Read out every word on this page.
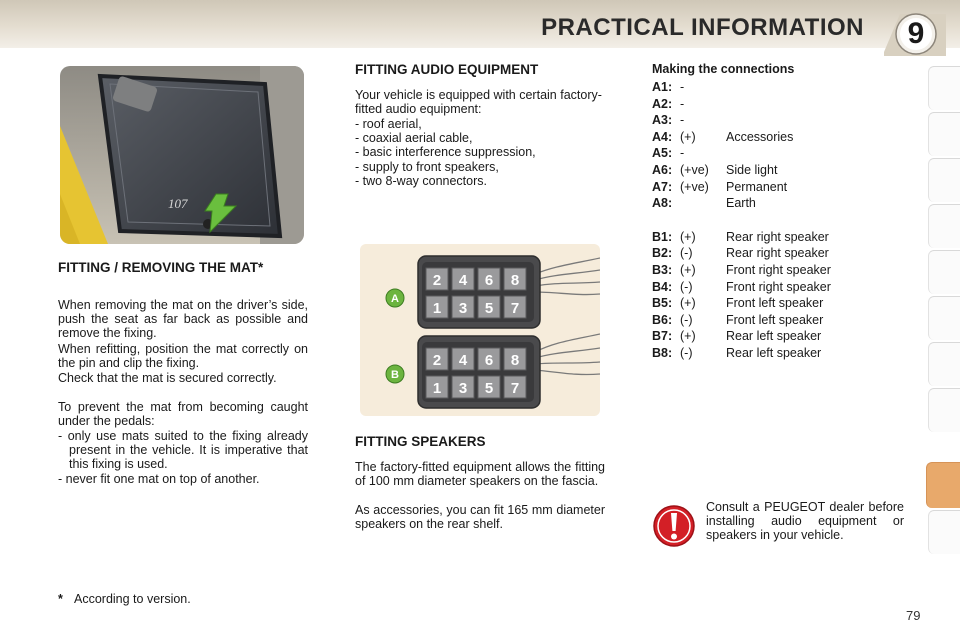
PRACTICAL INFORMATION	9
107
FITTING / REMOVING THE MAT*
When removing the mat on the driver’s side, push the seat as far back as possible and remove the fixing.
When refitting, position the mat correctly on the pin and clip the fixing.
Check that the mat is secured correctly.
To prevent the mat from becoming caught under the pedals:
- only use mats suited to the fixing already present in the vehicle. It is imperative that this fixing is used.
- never fit one mat on top of another.
FITTING AUDIO EQUIPMENT
Your vehicle is equipped with certain factory-fitted audio equipment:
- roof aerial,
- coaxial aerial cable,
- basic interference suppression,
- supply to front speakers,
- two 8-way connectors.
2 4 6 8
1 3 5 7
A
2 4 6 8
1 3 5 7
B
FITTING SPEAKERS
The factory-fitted equipment allows the fitting of 100 mm diameter speakers on the fascia.
As accessories, you can fit 165 mm diameter speakers on the rear shelf.
Making the connections
A1: -
A2: -
A3: -
A4: (+) Accessories
A5: -
A6: (+ve) Side light
A7: (+ve) Permanent
A8:	Earth
B1: (+) Rear right speaker
B2: (-)	Rear right speaker
B3: (+) Front right speaker
B4: (-)	Front right speaker
B5: (+) Front left speaker
B6: (-)	Front left speaker
B7: (+) Rear left speaker
B8: (-)	Rear left speaker
Consult a PEUGEOT dealer before installing audio equipment or speakers in your vehicle.
* According to version.
79
